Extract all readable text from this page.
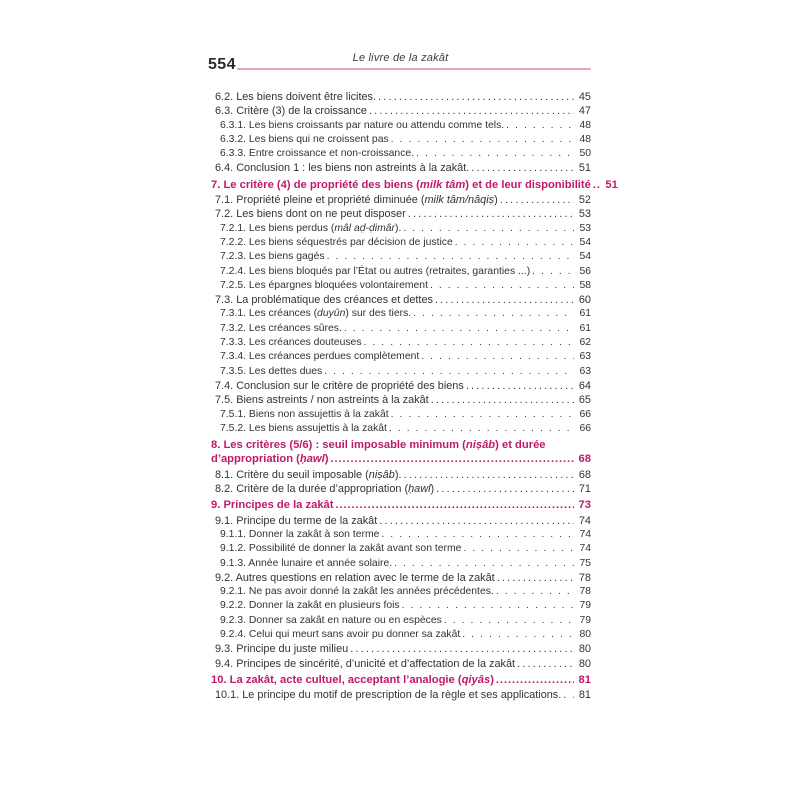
Le livre de la zakât
554
6.2. Les biens doivent être licites. .....	45
6.3. Critère (3) de la croissance .....	47
6.3.1. Les biens croissants par nature ou attendu comme tels. .....	48
6.3.2. Les biens qui ne croissent pas .....	48
6.3.3. Entre croissance et non-croissance. .....	50
6.4. Conclusion 1 : les biens non astreints à la zakât. .....	51
7. Le critère (4) de propriété des biens (milk tâm) et de leur disponibilité ..... 51
7.1. Propriété pleine et propriété diminuée (milk tâm/nâqiṣ) .....	52
7.2. Les biens dont on ne peut disposer .....	53
7.2.1. Les biens perdus (mâl aḍ-ḍimâr). .....	53
7.2.2. Les biens séquestrés par décision de justice .....	54
7.2.3. Les biens gagés .....	54
7.2.4. Les biens bloqués par l’État ou autres (retraites, garanties ...) .....	56
7.2.5. Les épargnes bloquées volontairement .....	58
7.3. La problématique des créances et dettes .....	60
7.3.1. Les créances (duyûn) sur des tiers. .....	61
7.3.2. Les créances sûres. .....	61
7.3.3. Les créances douteuses .....	62
7.3.4. Les créances perdues complètement .....	63
7.3.5. Les dettes dues .....	63
7.4. Conclusion sur le critère de propriété des biens .....	64
7.5. Biens astreints / non astreints à la zakât .....	65
7.5.1. Biens non assujettis à la zakât .....	66
7.5.2. Les biens assujettis à la zakât .....	66
8. Les critères (5/6) : seuil imposable minimum (niṣâb) et durée
d’appropriation (ḥawl) .....	68
8.1. Critère du seuil imposable (niṣâb). .....	68
8.2. Critère de la durée d’appropriation (ḥawl) .....	71
9. Principes de la zakât .....	73
9.1. Principe du terme de la zakât .....	74
9.1.1. Donner la zakât à son terme .....	74
9.1.2. Possibilité de donner la zakât avant son terme .....	74
9.1.3. Année lunaire et année solaire. .....	75
9.2. Autres questions en relation avec le terme de la zakât .....	78
9.2.1. Ne pas avoir donné la zakât les années précédentes. .....	78
9.2.2. Donner la zakât en plusieurs fois .....	79
9.2.3. Donner sa zakât en nature ou en espèces .....	79
9.2.4. Celui qui meurt sans avoir pu donner sa zakât .....	80
9.3. Principe du juste milieu .....	80
9.4. Principes de sincérité, d’unicité et d’affectation de la zakât .....	80
10. La zakât, acte cultuel, acceptant l’analogie (qiyâs) .....	81
10.1. Le principe du motif de prescription de la règle et ses applications. ..... 81
